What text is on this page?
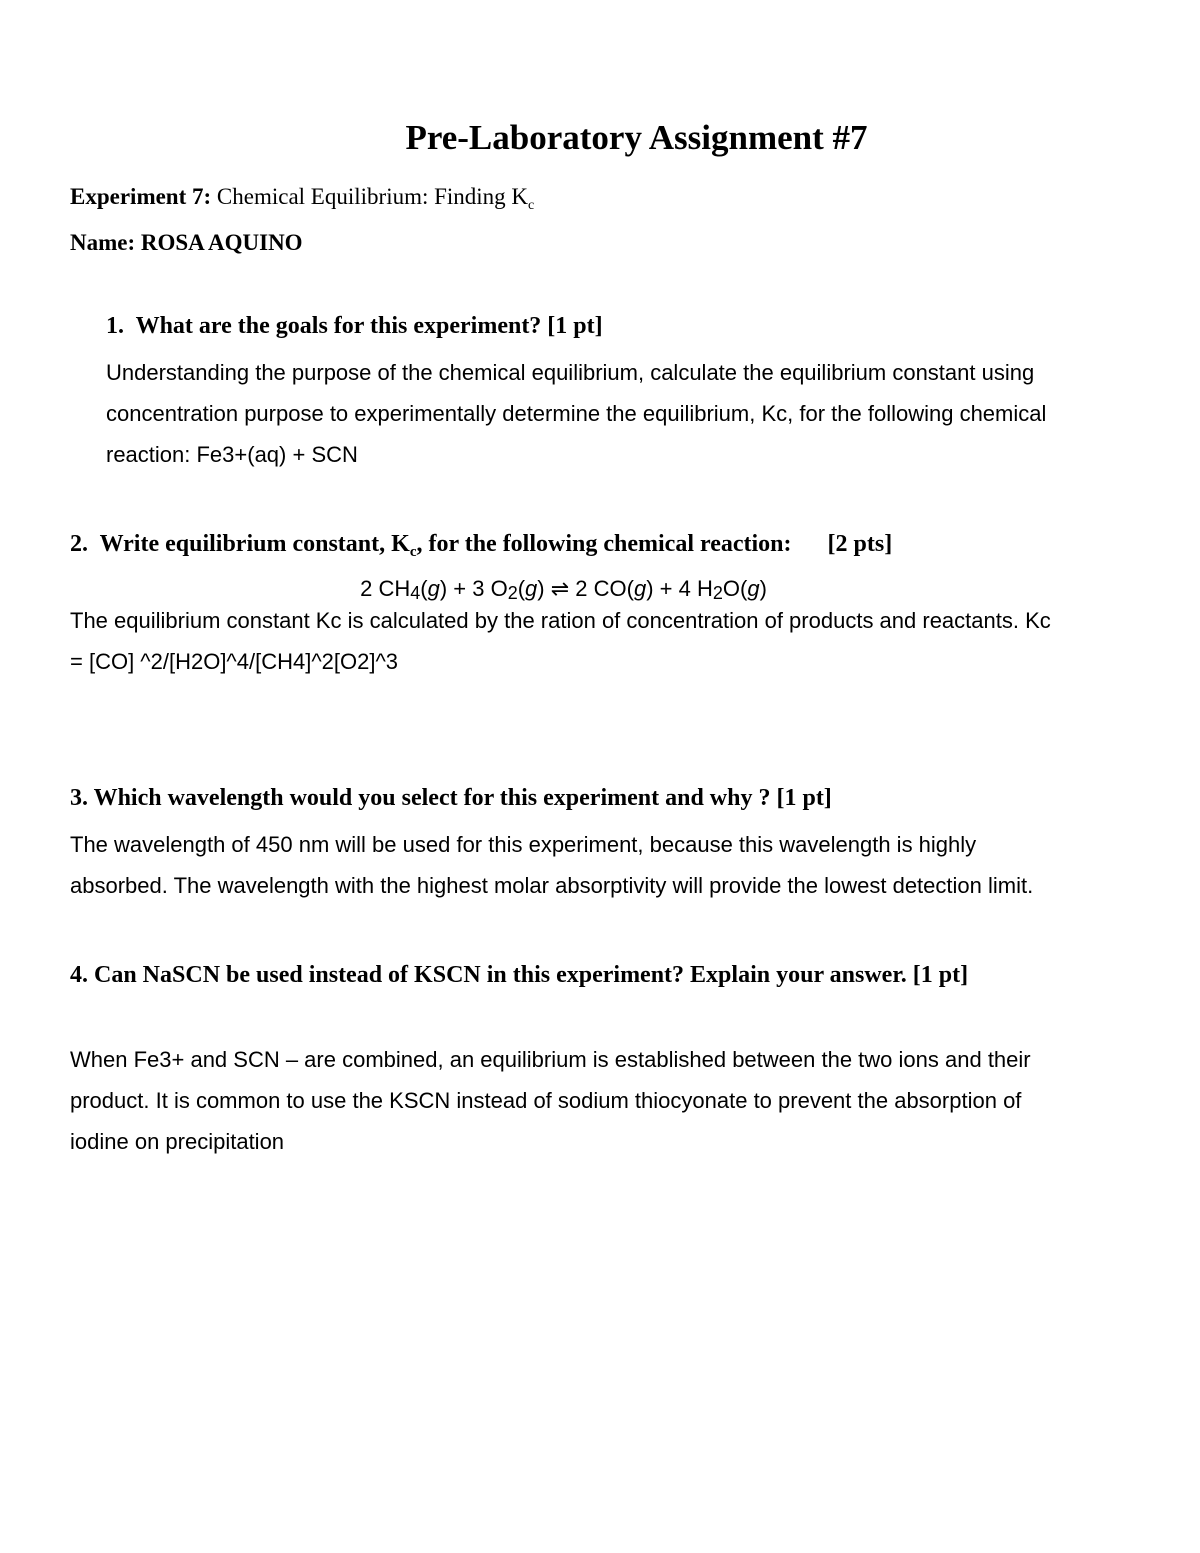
Pre-Laboratory Assignment #7
Experiment 7: Chemical Equilibrium: Finding $K_c$
Name: ROSA AQUINO
1. What are the goals for this experiment? [1 pt]
Understanding the purpose of the chemical equilibrium, calculate the equilibrium constant using
concentration purpose to experimentally determine the equilibrium, Kc, for the following chemical
reaction: Fe3+(aq) + SCN
2. Write equilibrium constant, $K_c$, for the following chemical reaction: [2 pts]
2 CH4(g) + 3 O2(g) ⇌ 2 CO(g) + 4 H2O(g)
The equilibrium constant Kc is calculated by the ration of concentration of products and reactants. Kc
= [CO] ^2/[H2O]^4/[CH4]^2[O2]^3
3. Which wavelength would you select for this experiment and why ? [1 pt]
The wavelength of 450 nm will be used for this experiment, because this wavelength is highly
absorbed. The wavelength with the highest molar absorptivity will provide the lowest detection limit.
4. Can NaSCN be used instead of KSCN in this experiment? Explain your answer. [1 pt]
When Fe3+ and SCN – are combined, an equilibrium is established between the two ions and their
product. It is common to use the KSCN instead of sodium thiocyonate to prevent the absorption of
iodine on precipitation
